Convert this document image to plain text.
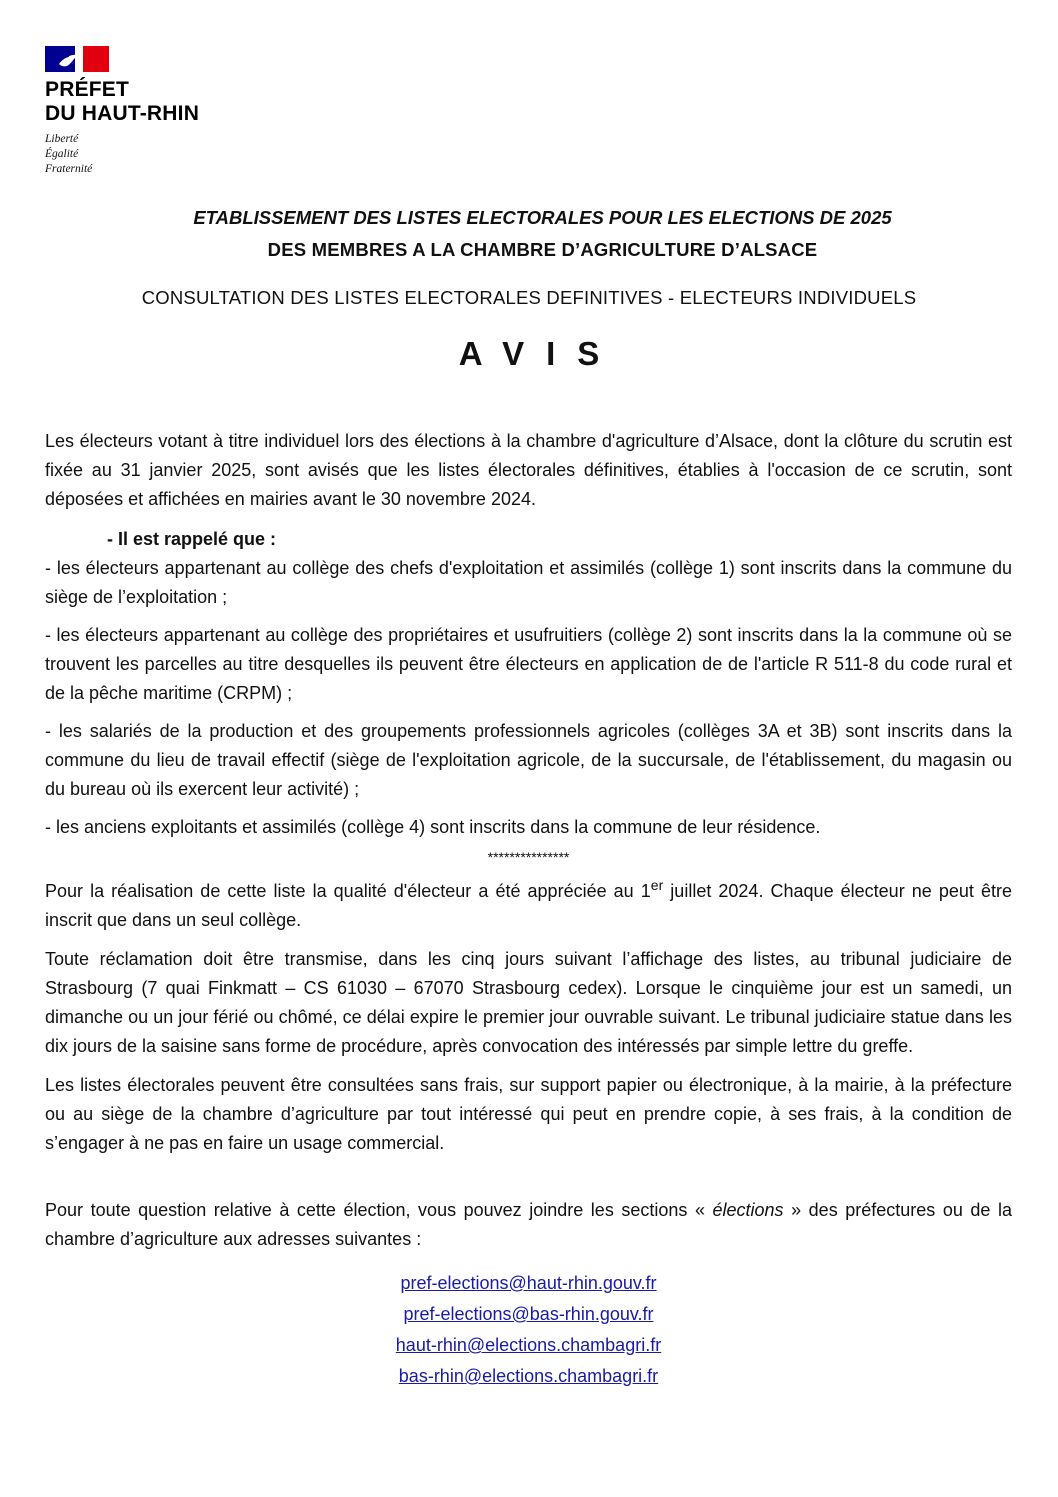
PRÉFET
DU HAUT-RHIN
Liberté
Égalité
Fraternité
ETABLISSEMENT DES LISTES ELECTORALES POUR LES ELECTIONS DE 2025
DES MEMBRES A LA CHAMBRE D’AGRICULTURE D’ALSACE
CONSULTATION DES LISTES ELECTORALES DEFINITIVES - ELECTEURS INDIVIDUELS
AVIS

Les électeurs votant à titre individuel lors des élections à la chambre d'agriculture d’Alsace, dont la clôture du scrutin est fixée au 31 janvier 2025, sont avisés que les listes électorales définitives, établies à l'occasion de ce scrutin, sont déposées et affichées en mairies avant le 30 novembre 2024.

- Il est rappelé que :

- les électeurs appartenant au collège des chefs d'exploitation et assimilés (collège 1) sont inscrits dans la commune du siège de l’exploitation ;

- les électeurs appartenant au collège des propriétaires et usufruitiers (collège 2) sont inscrits dans la la commune où se trouvent les parcelles au titre desquelles ils peuvent être électeurs en application de de l'article R 511-8 du code rural et de la pêche maritime (CRPM) ;

- les salariés de la production et des groupements professionnels agricoles (collèges 3A et 3B) sont inscrits dans la commune du lieu de travail effectif (siège de l'exploitation agricole, de la succursale, de l'établissement, du magasin ou du bureau où ils exercent leur activité) ;

- les anciens exploitants et assimilés (collège 4) sont inscrits dans la commune de leur résidence.

***************

Pour la réalisation de cette liste la qualité d'électeur a été appréciée au 1er juillet 2024. Chaque électeur ne peut être inscrit que dans un seul collège.

Toute réclamation doit être transmise, dans les cinq jours suivant l’affichage des listes, au tribunal judiciaire de Strasbourg (7 quai Finkmatt – CS 61030 – 67070 Strasbourg cedex). Lorsque le cinquième jour est un samedi, un dimanche ou un jour férié ou chômé, ce délai expire le premier jour ouvrable suivant. Le tribunal judiciaire statue dans les dix jours de la saisine sans forme de procédure, après convocation des intéressés par simple lettre du greffe.

Les listes électorales peuvent être consultées sans frais, sur support papier ou électronique, à la mairie, à la préfecture ou au siège de la chambre d’agriculture par tout intéressé qui peut en prendre copie, à ses frais, à la condition de s’engager à ne pas en faire un usage commercial.

Pour toute question relative à cette élection, vous pouvez joindre les sections « élections » des préfectures ou de la chambre d’agriculture aux adresses suivantes :

pref-elections@haut-rhin.gouv.fr
pref-elections@bas-rhin.gouv.fr
haut-rhin@elections.chambagri.fr
bas-rhin@elections.chambagri.fr
